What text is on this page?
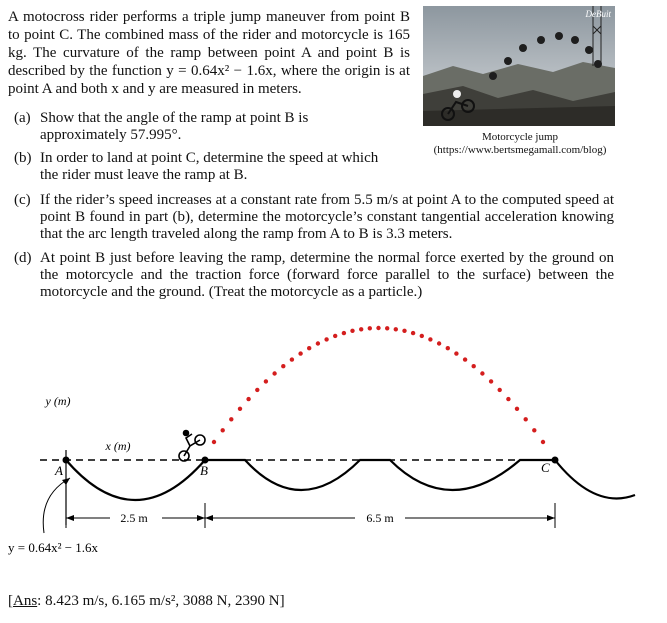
A motocross rider performs a triple jump maneuver from point B to point C. The combined mass of the rider and motorcycle is 165 kg. The curvature of the ramp between point A and point B is described by the function y = 0.64x² − 1.6x, where the origin is at point A and both x and y are measured in meters.

DeBuit
Motorcycle jump
(https://www.bertsmegamall.com/blog)
(a) Show that the angle of the ramp at point B is approximately 57.995°.
(b) In order to land at point C, determine the speed at which the rider must leave the ramp at B.
(c) If the rider’s speed increases at a constant rate from 5.5 m/s at point A to the computed speed at point B found in part (b), determine the motorcycle’s constant tangential acceleration knowing that the arc length traveled along the ramp from A to B is 3.3 meters.
(d) At point B just before leaving the ramp, determine the normal force exerted by the ground on the motorcycle and the traction force (forward force parallel to the surface) between the motorcycle and the ground. (Treat the motorcycle as a particle.)
y (m)
x (m)
A	B	C
2.5 m	6.5 m
y = 0.64x² − 1.6x
[Ans: 8.423 m/s, 6.165 m/s², 3088 N, 2390 N]
